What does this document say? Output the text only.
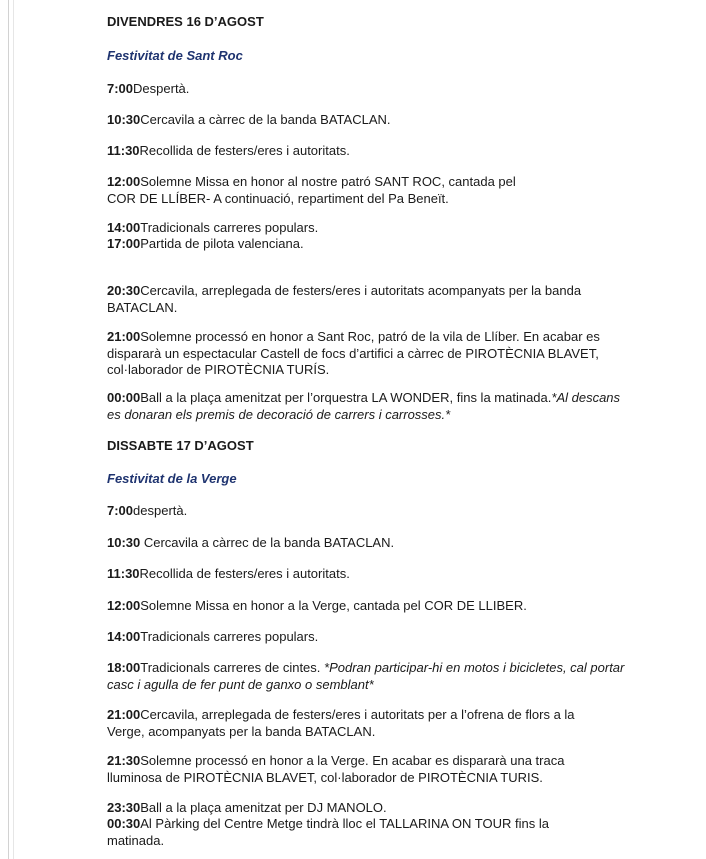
DIVENDRES 16 D’AGOST
Festivitat de Sant Roc
7:00Despertà.
10:30Cercavila a càrrec de la banda BATACLAN.
11:30Recollida de festers/eres i autoritats.
12:00Solemne Missa en honor al nostre patró SANT ROC, cantada pel COR DE LLÍBER- A continuació, repartiment del Pa Beneït.
14:00Tradicionals carreres populars.
17:00Partida de pilota valenciana.
20:30Cercavila, arreplegada de festers/eres i autoritats acompanyats per la banda BATACLAN.
21:00Solemne processó en honor a Sant Roc, patró de la vila de Llíber. En acabar es dispararà un espectacular Castell de focs d’artifici a càrrec de PIROTÈCNIA BLAVET, col·laborador de PIROTÈCNIA TURÍS.
00:00Ball a la plaça amenitzat per l’orquestra LA WONDER, fins la matinada.*Al descans es donaran els premis de decoració de carrers i carrosses.*
DISSABTE 17 D’AGOST
Festivitat de la Verge
7:00despertà.
10:30 Cercavila a càrrec de la banda BATACLAN.
11:30Recollida de festers/eres i autoritats.
12:00Solemne Missa en honor a la Verge, cantada pel COR DE LLIBER.
14:00Tradicionals carreres populars.
18:00Tradicionals carreres de cintes. *Podran participar-hi en motos i bicicletes, cal portar casc i agulla de fer punt de ganxo o semblant*
21:00Cercavila, arreplegada de festers/eres i autoritats per a l’ofrena de flors a la Verge, acompanyats per la banda BATACLAN.
21:30Solemne processó en honor a la Verge. En acabar es dispararà una traca lluminosa de PIROTÈCNIA BLAVET, col·laborador de PIROTÈCNIA TURIS.
23:30Ball a la plaça amenitzat per DJ MANOLO.
00:30Al Pàrking del Centre Metge tindrà lloc el TALLARINA ON TOUR fins la matinada.
